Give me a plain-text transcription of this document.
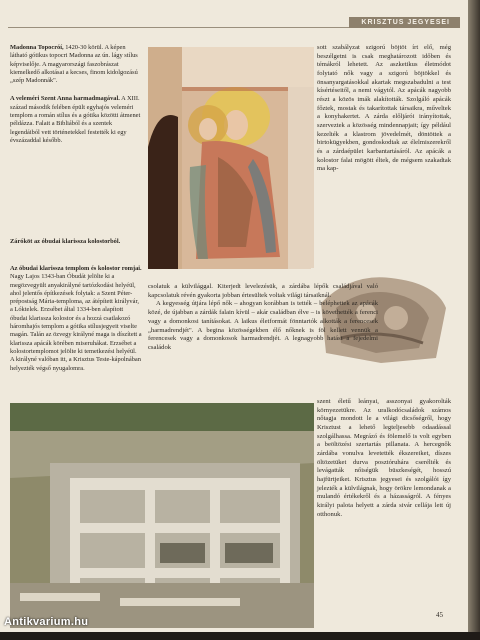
KRISZTUS JEGYESEI

Madonna Topocróí, 1420-30 körül. A képen látható gótikus topocri Madonna az ún. lágy stílus képviselője. A magyarországi faszobrászat kiemelkedő alkotásai a kecses, finom kidolgozású „szép Madonnák".

A veleméri Szent Anna harmadmagával. A XIII. század második felében épült egyhajós veleméri templom a román stílus és a gótika közötti átmenet példázza. Falait a Bibliából és a szentek legendáiból vett történetekkel festették ki egy évszázaddal később.

Záróköt az óbudai klarissza kolostorból.
Az óbudai klarissza templom és kolostor romjai. Nagy Lajos 1343-ban Óbudát jelölte ki a megözvegyült anyakirályné tartózkodási helyéül, ahol jelentős építkezések folytak: a Szent Péter-prépostság Mária-temploma, az átépített királyvár, a Lóktelek. Erzsébet által 1334-ben alapított óbudai klarissza kolostor és a hozzá csatlakozó háromhajós templom a gótika stílusjegyeit viselte magán. Talán az özvegy királyné maga is díszített a klarissza apácák körében miseruhákat. Erzsébet a kolostortemplomot jelölte ki temetkezési helyéül. A királyné valóban itt, a Krisztus Teste-kápolnában helyezték végső nyugalomra.
sott szabályzat szigorú böjtöt írt elő, még beszélgetni is csak meghatározott időben és témákról lehetett. Az aszketikus életmódot folytató nők vagy a szigorú böjtökkel és önsanyargatásokkal akartak megszabadulni a test kísértéseitől, a nemi vágytól. Az apácák nagyobb részt a közös imák alakították. Szolgáló apácák főztek, mostak és takarítottak társaikra, műveltek a konyhakertet. A zárda előljárói irányítottak, szerveztek a közösség mindennapjait; így például kezelték a klastrom jövedelmét, döntöttek a birtokügyekben, gondoskodtak az élelmiszerekről és a zárdaépület karbantartásáról. Az apácák a kolostor falai mögött éltek, de mégsem szakadtak ma kap-

csolatuk a külvilággal. Kiterjedt levelezésük, a zárdába lépők családjával való kapcsolatuk révén gyakorta jobban értesültek voltak világi társaiknál.

A kegyesség útjára lépő nők – ahogyan korábban is tették – beléphettek az apácák közé, de újabban a zárdák falain kívül – akár családban élve – is követhették a ferenci vagy a domonkosi tanításokat. A laikus életformát fönntartók alkották a ferencesek „harmadrendjét". A begina közösségekben élő nőknek is föl kellett vennük a ferencesek vagy a domonkosok harmadrendjét. A legnagyobb hatást a fejedelmi családok

szent életű leányai, asszonyai gyakorolták környezetükre. Az uralkodócsaládok számos nőtagja mondott le a világi dicsőségről, hogy Krisztust a lehető legteljesebb odaadással szolgálhassa. Megrázó és fölemelő is volt egyben a beöltözési szertartás pillanata. A hercegnők zárdába vonulva levetették ékszereiket, díszes öltözetüket durva posztóruhára cserélték és levágatták nőiségük büszkeségét, hosszú hajfürtjeiket. Krisztus jegyesei és szolgálói így jelezték a külvilágnak, hogy örökre lemondanak a mulandó értékekről és a házasságról. A fényes királyi palota helyett a zárda sivár cellája lett új otthonuk.
45
Antikvarium.hu
